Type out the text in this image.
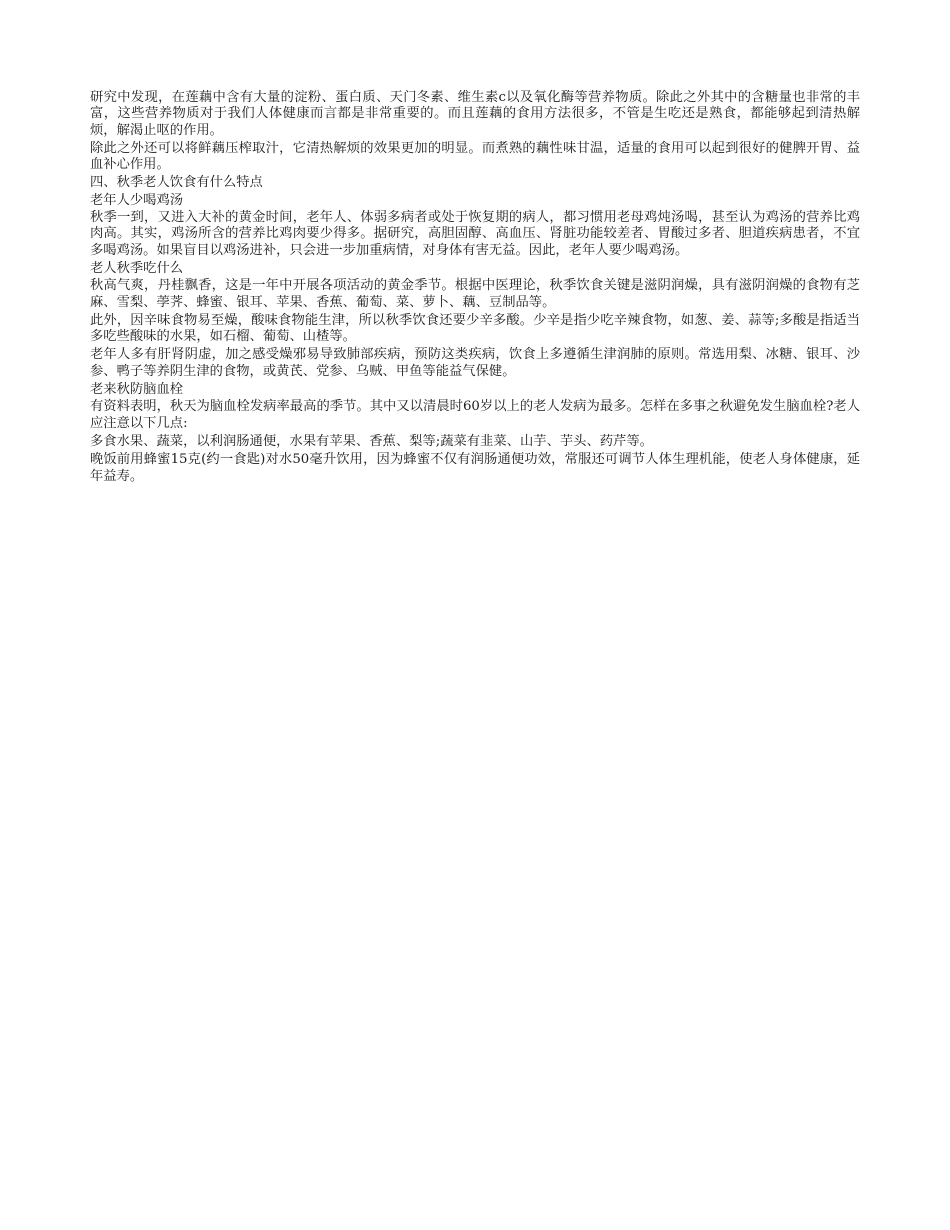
研究中发现，在莲藕中含有大量的淀粉、蛋白质、天门冬素、维生素c以及氧化酶等营养物质。除此之外其中的含糖量也非常的丰富，这些营养物质对于我们人体健康而言都是非常重要的。而且莲藕的食用方法很多，不管是生吃还是熟食，都能够起到清热解烦，解渴止呕的作用。

除此之外还可以将鲜藕压榨取汁，它清热解烦的效果更加的明显。而煮熟的藕性味甘温，适量的食用可以起到很好的健脾开胃、益血补心作用。

四、秋季老人饮食有什么特点
老年人少喝鸡汤

秋季一到，又进入大补的黄金时间，老年人、体弱多病者或处于恢复期的病人，都习惯用老母鸡炖汤喝，甚至认为鸡汤的营养比鸡肉高。其实，鸡汤所含的营养比鸡肉要少得多。据研究，高胆固醇、高血压、肾脏功能较差者、胃酸过多者、胆道疾病患者，不宜多喝鸡汤。如果盲目以鸡汤进补，只会进一步加重病情，对身体有害无益。因此，老年人要少喝鸡汤。

老人秋季吃什么

秋高气爽，丹桂飘香，这是一年中开展各项活动的黄金季节。根据中医理论，秋季饮食关键是滋阴润燥，具有滋阴润燥的食物有芝麻、雪梨、荸荠、蜂蜜、银耳、苹果、香蕉、葡萄、菜、萝卜、藕、豆制品等。

此外，因辛味食物易至燥，酸味食物能生津，所以秋季饮食还要少辛多酸。少辛是指少吃辛辣食物，如葱、姜、蒜等;多酸是指适当多吃些酸味的水果，如石榴、葡萄、山楂等。

老年人多有肝肾阴虚，加之感受燥邪易导致肺部疾病，预防这类疾病，饮食上多遵循生津润肺的原则。常选用梨、冰糖、银耳、沙参、鸭子等养阴生津的食物，或黄芪、党参、乌贼、甲鱼等能益气保健。

老来秋防脑血栓

有资料表明，秋天为脑血栓发病率最高的季节。其中又以清晨时60岁以上的老人发病为最多。怎样在多事之秋避免发生脑血栓?老人应注意以下几点:

多食水果、蔬菜，以利润肠通便，水果有苹果、香蕉、梨等;蔬菜有韭菜、山芋、芋头、药芹等。

晚饭前用蜂蜜15克(约一食匙)对水50毫升饮用，因为蜂蜜不仅有润肠通便功效，常服还可调节人体生理机能，使老人身体健康，延年益寿。
